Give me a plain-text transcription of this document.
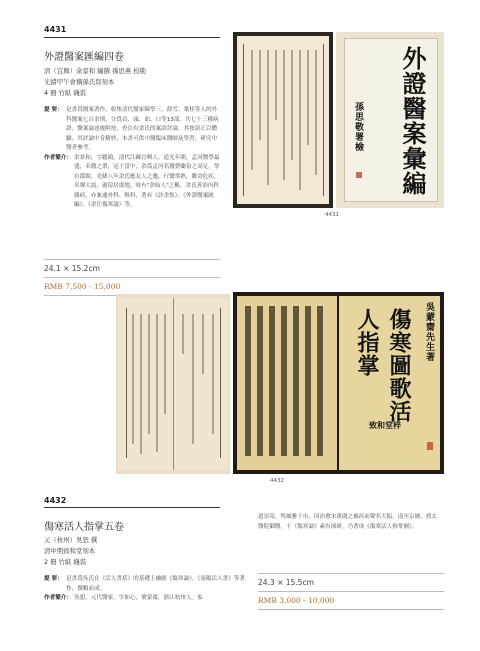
4431
外證醫案匯編四卷
清（宜興）余景和 編撰 孫思燕 校勘
光緒甲午會稽孫氏寫刻本
4 冊 竹紙 綫裝
提 要： 是書爲醫案著作，收集清代醫家陳學三，薛雪、葉桂等人的外科醫案七百余則，分爲首、頭、面、口等13部，共七十三種病證，醫案論述後附按，查注有余氏的案語評論，其按語正以體驗，其評論中肯精妙，本書可供中醫臨床醫師及學習、研究中醫者參考。
作者簡介： 余景和，字聽鴻，清代江蘇宜興人。道光年間，孟河醫學最盛，名醫之衆，冠于當中，余爲孟河名醫費蘭泉之高足，學有淵源，光緒八年余氏應友人之邀，行醫常熟，數奇危疾，名聲大震，遂留居虞地，時有"余仙人"之稱，余氏善治內科雜病，亦兼通外科、喉科，著有《診余集》、《外證醫案匯編》、《余注傷寒論》等。
24.1 × 15.2cm
RMB 7,500 - 15,000
外證醫案彙編
孫思敬署檢
4431
吳蒙齋先生著
傷寒圖歌活人指掌
致和堂梓
4432
4432
傷寒活人指掌五卷
元（杭州）吳恕 撰
清中期致和堂刻本
2 冊 竹紙 綫裝
提 要： 是書爲吳氏在《活人書括》的基礎上融匯《傷寒論》、《南陽活人書》等著作，撰輯而成。
作者簡介： 吳恕，元代醫家，字如心，號蒙齋，浙江杭州人。家
道崇寄，隽風雅于市，因治愈宋萬虞之風疾而聲名大振。南至京師，授太醫院御醫，于《傷寒論》素有深研，乃著成《傷寒活人指掌圖》。
24.3 × 15.5cm
RMB 3,000 - 10,000
